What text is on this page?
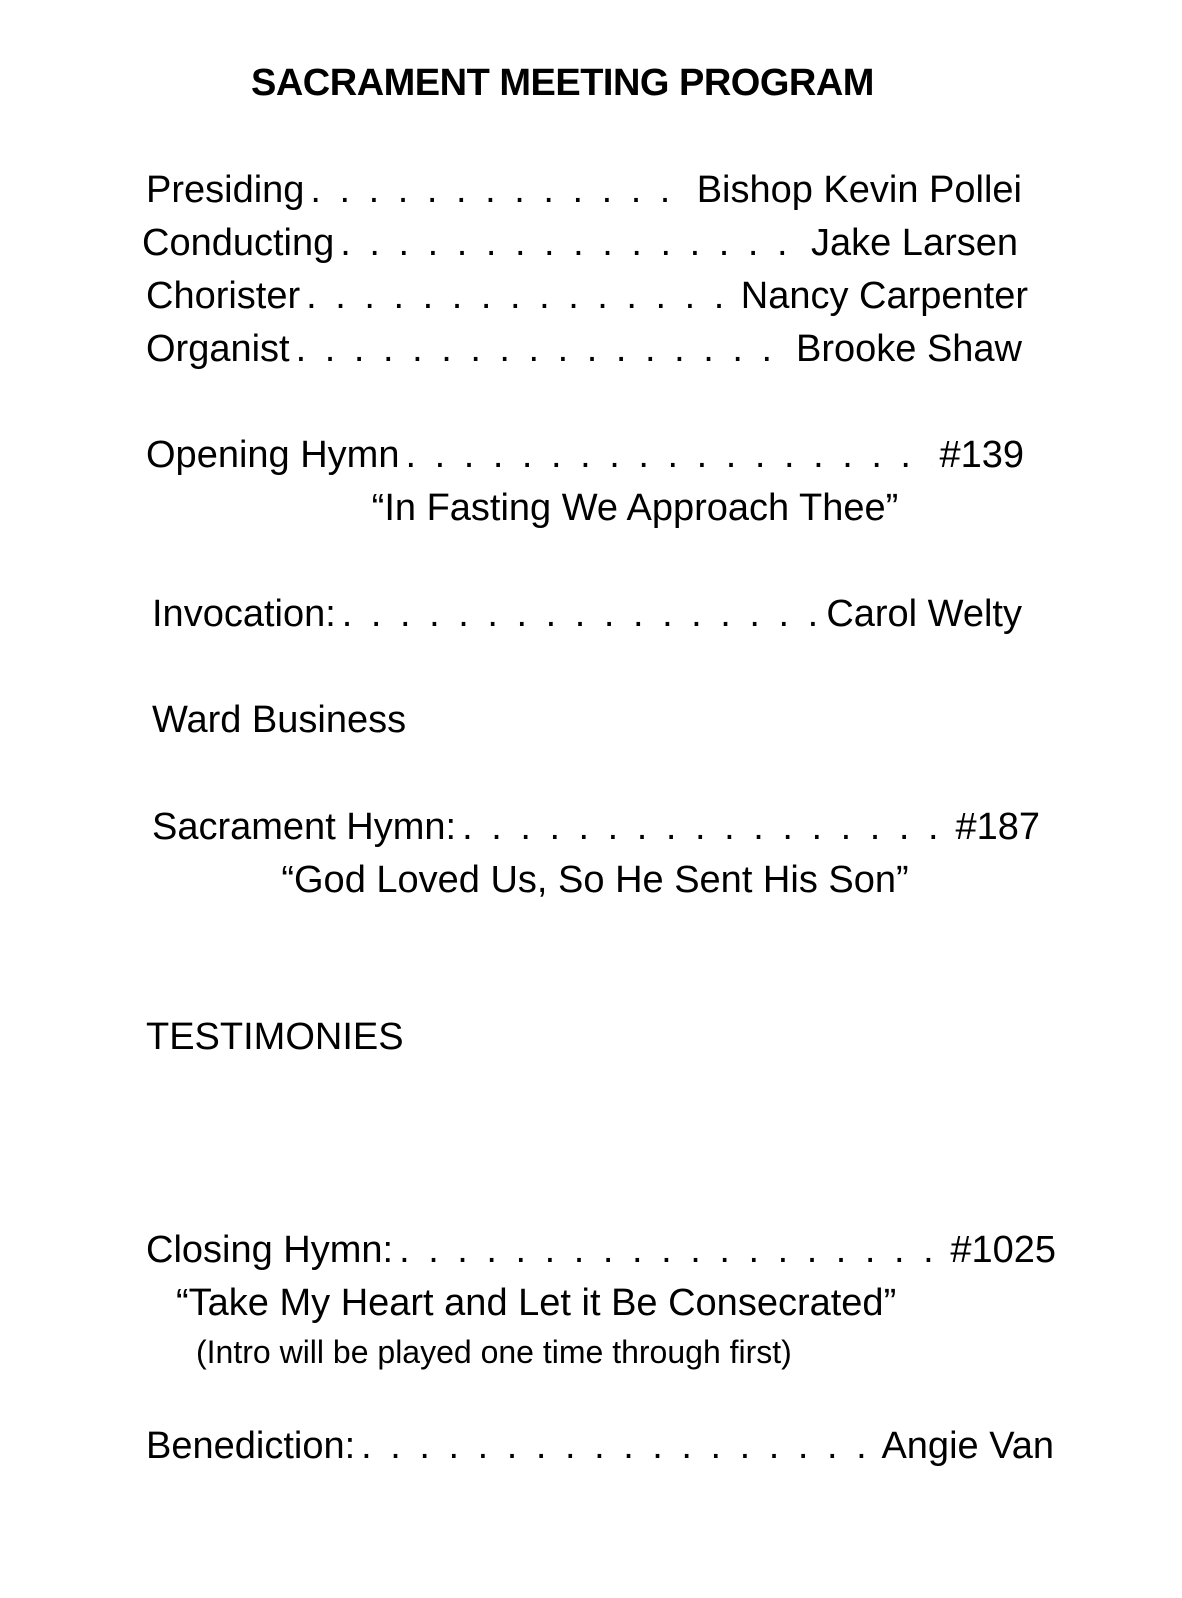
SACRAMENT MEETING PROGRAM
Presiding . . .	Bishop Kevin Pollei
Conducting . . .	Jake Larsen
Chorister . . .	Nancy Carpenter
Organist . . .	Brooke Shaw
Opening Hymn . . .	#139
“In Fasting We Approach Thee”
Invocation: . . .	Carol Welty
Ward Business
Sacrament Hymn: . . .	#187
“God Loved Us, So He Sent His Son”
TESTIMONIES
Closing Hymn: . . .	#1025
“Take My Heart and Let it Be Consecrated”
(Intro will be played one time through first)
Benediction: . . .	Angie Van
